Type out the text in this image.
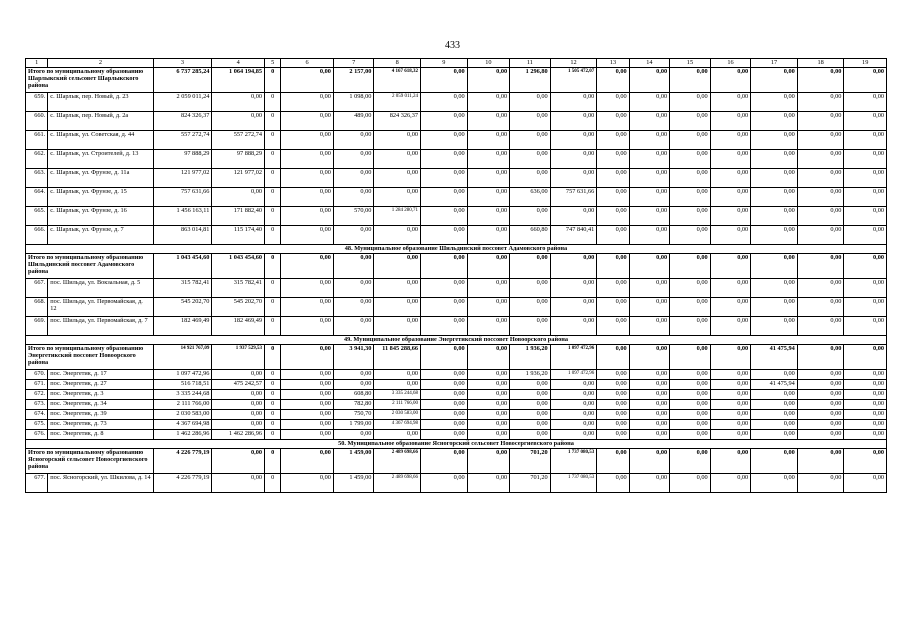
433
1	2	3	4	5	6	7	8	9	10	11	12	13	14	15	16	17	18	19
Итого по муниципальному образованию Шарлыкский сельсовет Шарлыкского района		6 737 285,24	1 064 194,85	0	0,00	2 157,00	4 167 618,32	0,00	0,00	1 296,80	1 505 472,07	0,00	0,00	0,00	0,00	0,00	0,00	0,00
659.	с. Шарлык, пер. Новый, д. 23	2 059 011,24	0,00	0	0,00	1 098,00	2 059 011,24	0,00	0,00	0,00	0,00	0,00	0,00	0,00	0,00	0,00	0,00	0,00
660.	с. Шарлык, пер. Новый, д. 2а	824 326,37	0,00	0	0,00	489,00	824 326,37	0,00	0,00	0,00	0,00	0,00	0,00	0,00	0,00	0,00	0,00	0,00
661.	с. Шарлык, ул. Советская, д. 44	557 272,74	557 272,74	0	0,00	0,00	0,00	0,00	0,00	0,00	0,00	0,00	0,00	0,00	0,00	0,00	0,00	0,00
662.	с. Шарлык, ул. Строителей, д. 13	97 888,29	97 888,29	0	0,00	0,00	0,00	0,00	0,00	0,00	0,00	0,00	0,00	0,00	0,00	0,00	0,00	0,00
663.	с. Шарлык, ул. Фрунзе, д. 11а	121 977,02	121 977,02	0	0,00	0,00	0,00	0,00	0,00	0,00	0,00	0,00	0,00	0,00	0,00	0,00	0,00	0,00
664.	с. Шарлык, ул. Фрунзе, д. 15	757 631,66	0,00	0	0,00	0,00	0,00	0,00	0,00	636,00	757 631,66	0,00	0,00	0,00	0,00	0,00	0,00	0,00
665.	с. Шарлык, ул. Фрунзе, д. 16	1 456 163,11	171 882,40	0	0,00	570,00	1 284 280,71	0,00	0,00	0,00	0,00	0,00	0,00	0,00	0,00	0,00	0,00	0,00
666.	с. Шарлык, ул. Фрунзе, д. 7	863 014,81	115 174,40	0	0,00	0,00	0,00	0,00	0,00	660,80	747 840,41	0,00	0,00	0,00	0,00	0,00	0,00	0,00
48. Муниципальное образование Шильдинский поссовет Адамовского района																		
Итого по муниципальному образованию Шильдинский поссовет Адамовского района		1 043 454,60	1 043 454,60	0	0,00	0,00	0,00	0,00	0,00	0,00	0,00	0,00	0,00	0,00	0,00	0,00	0,00	0,00
667.	пос. Шильда, ул. Вокзальная, д. 5	315 782,41	315 782,41	0	0,00	0,00	0,00	0,00	0,00	0,00	0,00	0,00	0,00	0,00	0,00	0,00	0,00	0,00
668.	пос. Шильда, ул. Первомайская, д. 12	545 202,70	545 202,70	0	0,00	0,00	0,00	0,00	0,00	0,00	0,00	0,00	0,00	0,00	0,00	0,00	0,00	0,00
669.	пос. Шильда, ул. Первомайская, д. 7	182 469,49	182 469,49	0	0,00	0,00	0,00	0,00	0,00	0,00	0,00	0,00	0,00	0,00	0,00	0,00	0,00	0,00
49. Муниципальное образование Энергетикский поссовет Новоорского района																		
Итого по муниципальному образованию Энергетикский поссовет Новоорского района		14 921 767,09	1 937 529,53	0	0,00	3 941,30	11 845 288,66	0,00	0,00	1 936,20	1 097 472,96	0,00	0,00	0,00	0,00	41 475,94	0,00	0,00
670.	пос. Энергетик, д. 17	1 097 472,96	0,00	0	0,00	0,00	0,00	0,00	0,00	1 936,20	1 097 472,96	0,00	0,00	0,00	0,00	0,00	0,00	0,00
671.	пос. Энергетик, д. 27	516 718,51	475 242,57	0	0,00	0,00	0,00	0,00	0,00	0,00	0,00	0,00	0,00	0,00	0,00	41 475,94	0,00	0,00
672.	пос. Энергетик, д. 3	3 335 244,68	0,00	0	0,00	608,80	3 335 244,68	0,00	0,00	0,00	0,00	0,00	0,00	0,00	0,00	0,00	0,00	0,00
673.	пос. Энергетик, д. 34	2 111 766,00	0,00	0	0,00	782,80	2 111 766,00	0,00	0,00	0,00	0,00	0,00	0,00	0,00	0,00	0,00	0,00	0,00
674.	пос. Энергетик, д. 39	2 030 583,00	0,00	0	0,00	750,70	2 030 583,00	0,00	0,00	0,00	0,00	0,00	0,00	0,00	0,00	0,00	0,00	0,00
675.	пос. Энергетик, д. 73	4 367 694,98	0,00	0	0,00	1 799,00	4 367 694,98	0,00	0,00	0,00	0,00	0,00	0,00	0,00	0,00	0,00	0,00	0,00
676.	пос. Энергетик, д. 8	1 462 286,96	1 462 286,96	0	0,00	0,00	0,00	0,00	0,00	0,00	0,00	0,00	0,00	0,00	0,00	0,00	0,00	0,00
50. Муниципальное образование Ясногорский сельсовет Новосергиевского района																		
Итого по муниципальному образованию Ясногорский сельсовет Новосергиевского района		4 226 779,19	0,00	0	0,00	1 459,00	2 489 698,66	0,00	0,00	701,20	1 737 080,53	0,00	0,00	0,00	0,00	0,00	0,00	0,00
677.	пос. Ясногорский, ул. Шкилова, д. 14	4 226 779,19	0,00	0	0,00	1 459,00	2 489 698,66	0,00	0,00	701,20	1 737 080,53	0,00	0,00	0,00	0,00	0,00	0,00	0,00
